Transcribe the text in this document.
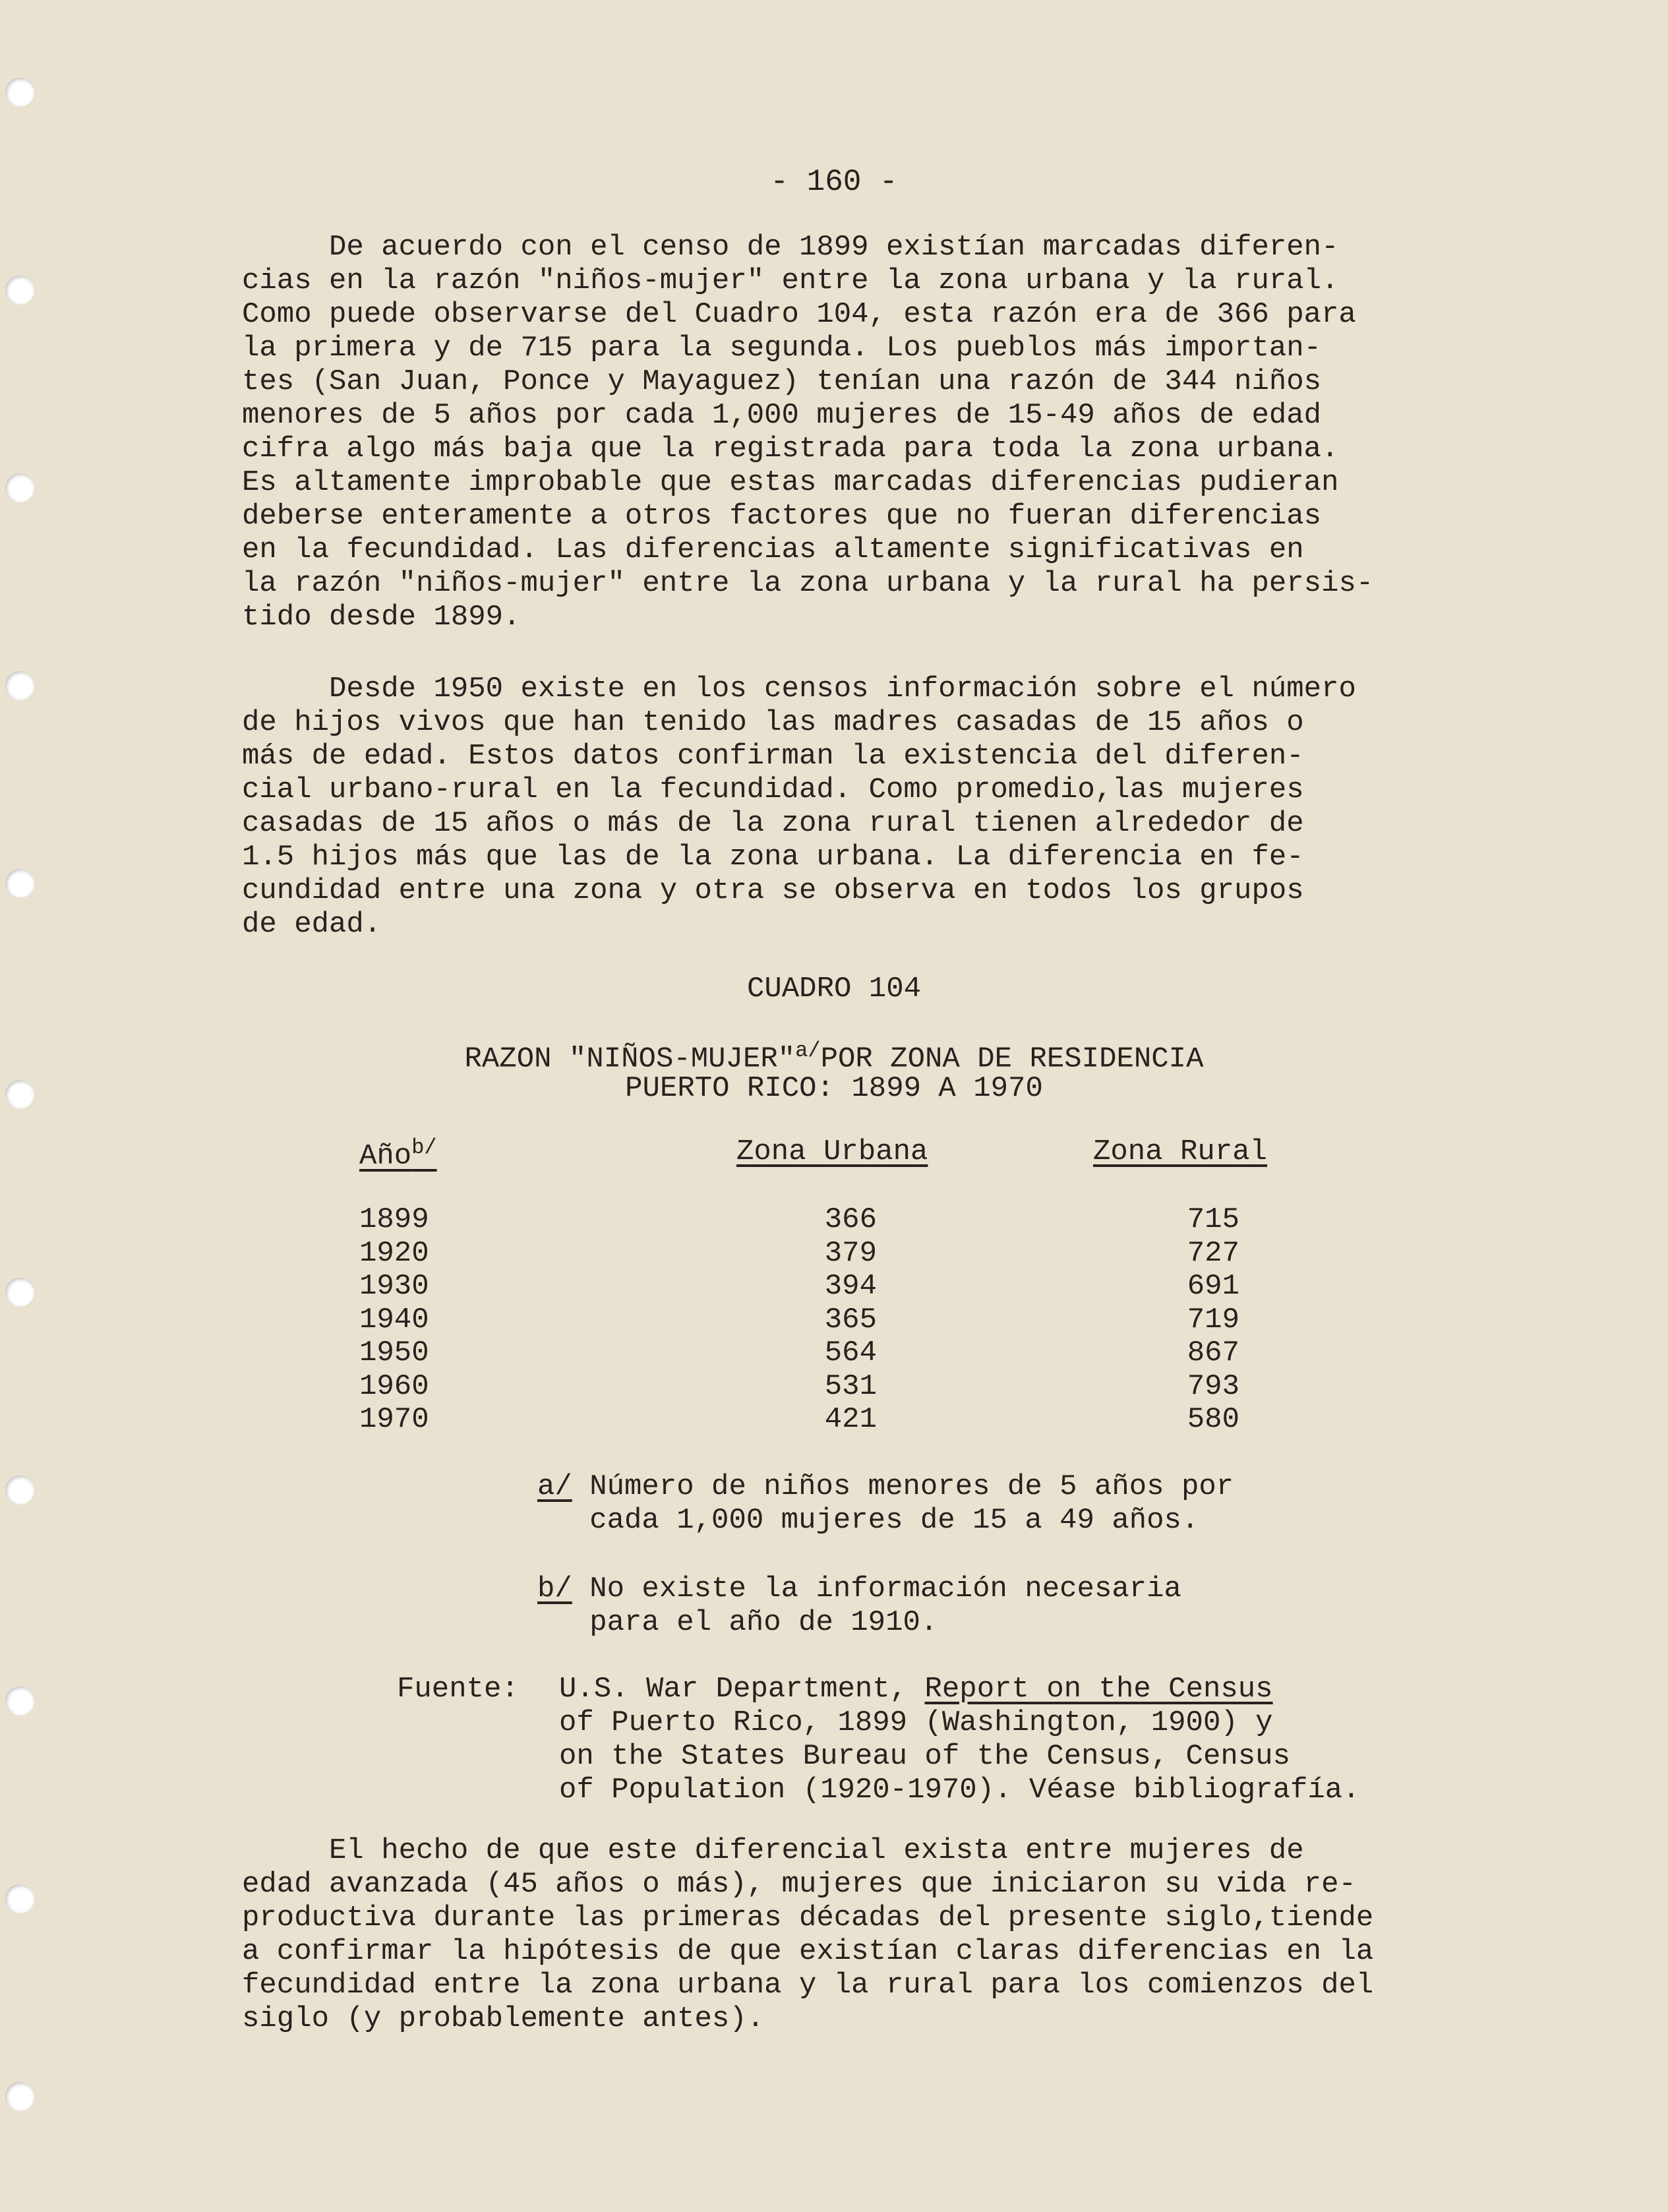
- 160 -
De acuerdo con el censo de 1899 existían marcadas diferen-
cias en la razón "niños-mujer" entre la zona urbana y la rural.
Como puede observarse del Cuadro 104, esta razón era de 366 para
la primera y de 715 para la segunda. Los pueblos más importan-
tes (San Juan, Ponce y Mayaguez) tenían una razón de 344 niños
menores de 5 años por cada 1,000 mujeres de 15-49 años de edad
cifra algo más baja que la registrada para toda la zona urbana.
Es altamente improbable que estas marcadas diferencias pudieran
deberse enteramente a otros factores que no fueran diferencias
en la fecundidad. Las diferencias altamente significativas en
la razón "niños-mujer" entre la zona urbana y la rural ha persis-
tido desde 1899.
Desde 1950 existe en los censos información sobre el número
de hijos vivos que han tenido las madres casadas de 15 años o
más de edad. Estos datos confirman la existencia del diferen-
cial urbano-rural en la fecundidad. Como promedio,las mujeres
casadas de 15 años o más de la zona rural tienen alrededor de
1.5 hijos más que las de la zona urbana. La diferencia en fe-
cundidad entre una zona y otra se observa en todos los grupos
de edad.
CUADRO 104
RAZON "NIÑOS-MUJER"$^{a/}$POR ZONA DE RESIDENCIA
PUERTO RICO: 1899 A 1970
Año$^{b/}$	Zona Urbana	Zona Rural
1899	366	715
1920	379	727
1930	394	691
1940	365	719
1950	564	867
1960	531	793
1970	421	580
a/ Número de niños menores de 5 años por
cada 1,000 mujeres de 15 a 49 años.
b/ No existe la información necesaria
para el año de 1910.
Fuente: U.S. War Department, Report on the Census
of Puerto Rico, 1899 (Washington, 1900) y
on the States Bureau of the Census, Census
of Population (1920-1970). Véase bibliografía.
El hecho de que este diferencial exista entre mujeres de
edad avanzada (45 años o más), mujeres que iniciaron su vida re-
productiva durante las primeras décadas del presente siglo,tiende
a confirmar la hipótesis de que existían claras diferencias en la
fecundidad entre la zona urbana y la rural para los comienzos del
siglo (y probablemente antes).
